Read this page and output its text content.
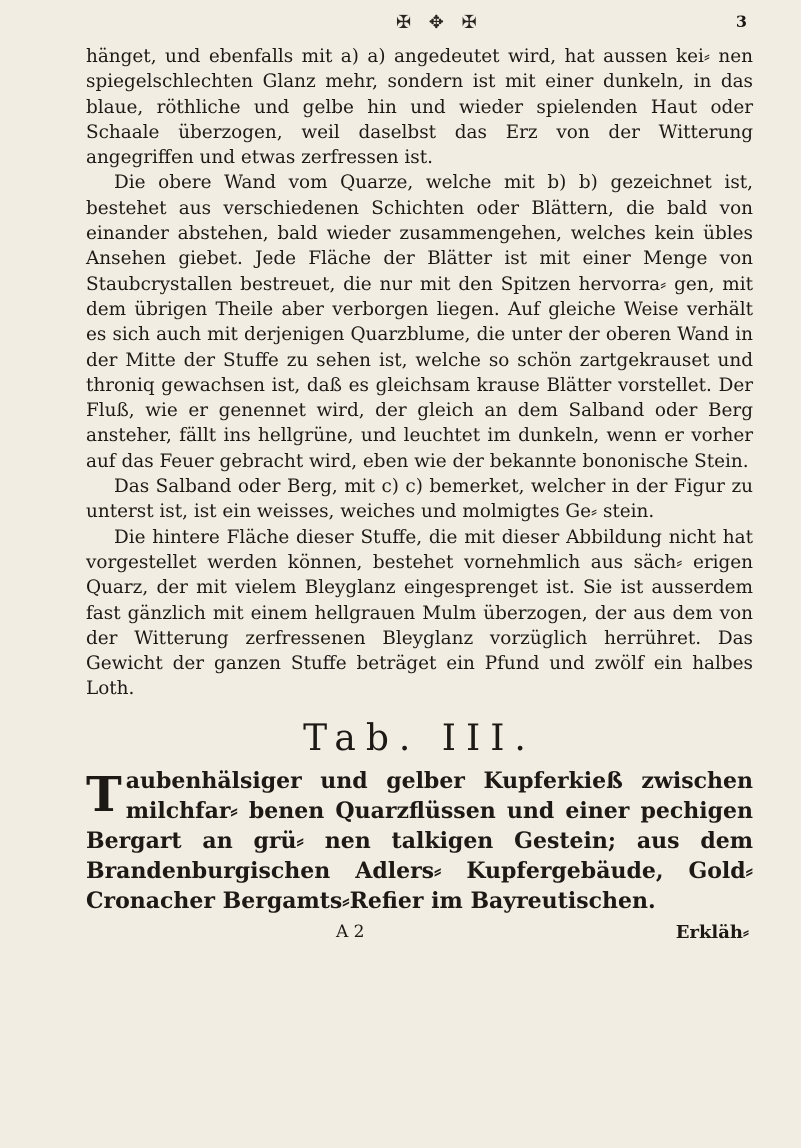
✠ ✥ ✠	3

hänget, und ebenfalls mit a) a) angedeutet wird, hat aussen kei⸗ nen spiegelschlechten Glanz mehr, sondern ist mit einer dunkeln, in das blaue, röthliche und gelbe hin und wieder spielenden Haut oder Schaale überzogen, weil daselbst das Erz von der Witterung angegriffen und etwas zerfressen ist.

Die obere Wand vom Quarze, welche mit b) b) gezeichnet ist, bestehet aus verschiedenen Schichten oder Blättern, die bald von einander abstehen, bald wieder zusammengehen, welches kein übles Ansehen giebet. Jede Fläche der Blätter ist mit einer Menge von Staubcrystallen bestreuet, die nur mit den Spitzen hervorra⸗ gen, mit dem übrigen Theile aber verborgen liegen. Auf gleiche Weise verhält es sich auch mit derjenigen Quarzblume, die unter der oberen Wand in der Mitte der Stuffe zu sehen ist, welche so schön zartgekrauset und throniq gewachsen ist, daß es gleichsam krause Blätter vorstellet. Der Fluß, wie er genennet wird, der gleich an dem Salband oder Berg ansteher, fällt ins hellgrüne, und leuchtet im dunkeln, wenn er vorher auf das Feuer gebracht wird, eben wie der bekannte bononische Stein.

Das Salband oder Berg, mit c) c) bemerket, welcher in der Figur zu unterst ist, ist ein weisses, weiches und molmigtes Ge⸗ stein.

Die hintere Fläche dieser Stuffe, die mit dieser Abbildung nicht hat vorgestellet werden können, bestehet vornehmlich aus säch⸗ erigen Quarz, der mit vielem Bleyglanz eingesprenget ist. Sie ist ausserdem fast gänzlich mit einem hellgrauen Mulm überzogen, der aus dem von der Witterung zerfressenen Bleyglanz vorzüglich herrühret. Das Gewicht der ganzen Stuffe beträget ein Pfund und zwölf ein halbes Loth.

Tab. III.

T aubenhälsiger und gelber Kupferkieß zwischen milchfar⸗ benen Quarzflüssen und einer pechigen Bergart an grü⸗ nen talkigen Gestein; aus dem Brandenburgischen Adlers⸗ Kupfergebäude, Gold⸗Cronacher Bergamts⸗Refier im Bayreutischen.

A 2	Erkläh⸗
